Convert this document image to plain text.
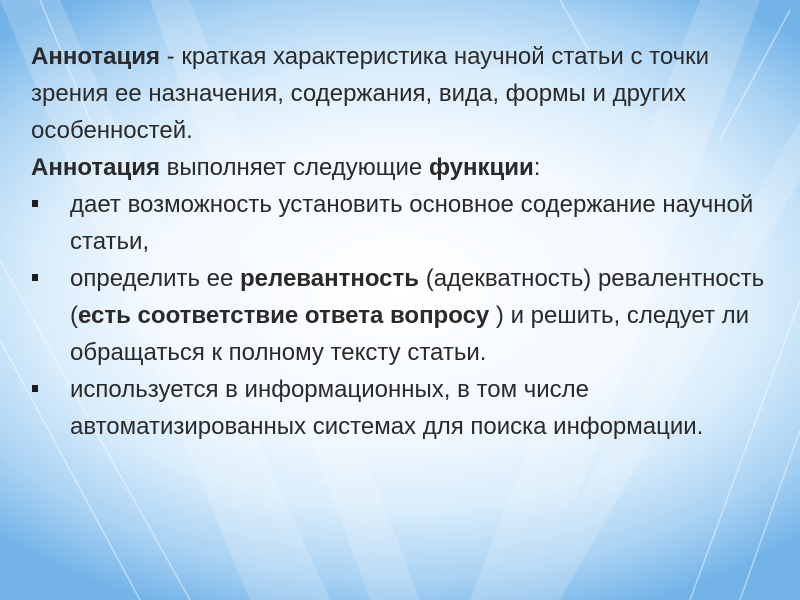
Аннотация - краткая характеристика научной статьи с точки зрения ее назначения, содержания, вида, формы и других особенностей.

Аннотация выполняет следующие функции:

дает возможность установить основное содержание научной статьи,
определить ее релевантность (адекватность) ревалентность (есть соответствие ответа вопросу ) и решить, следует ли обращаться к полному тексту статьи.
используется в информационных, в том числе автоматизированных системах для поиска информации.
